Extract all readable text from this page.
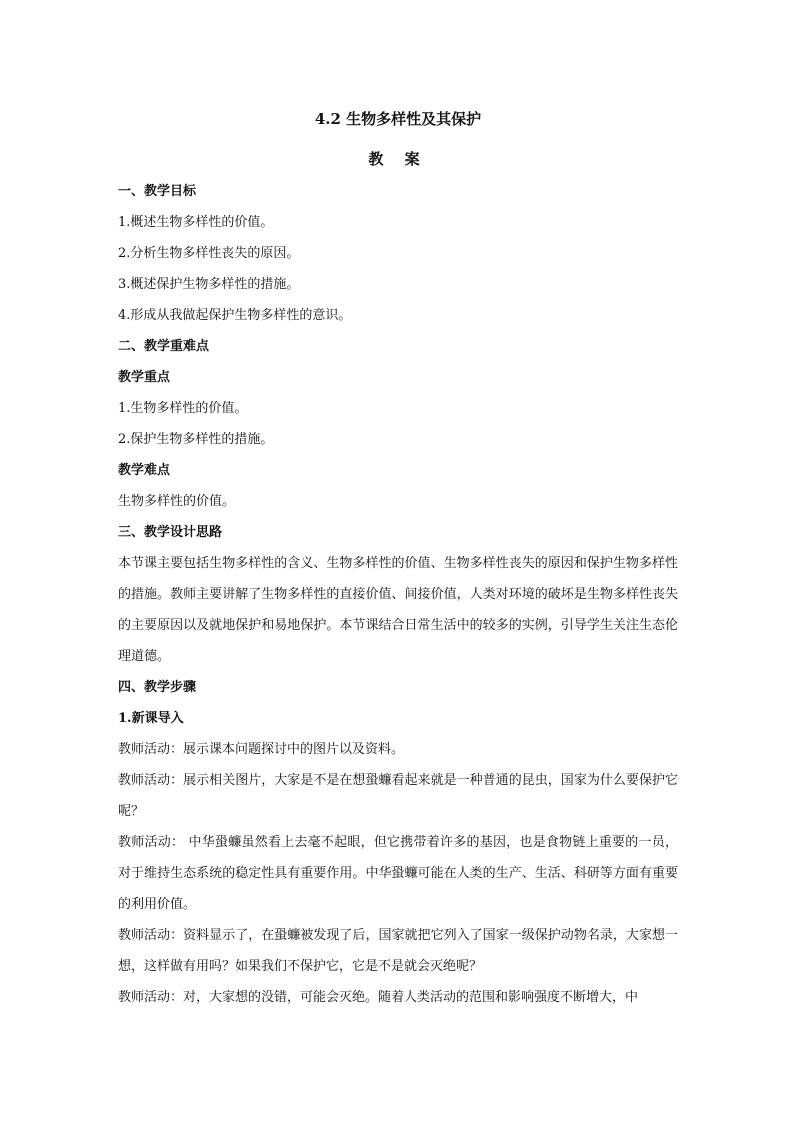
4.2 生物多样性及其保护
教 案
一、教学目标
1.概述生物多样性的价值。
2.分析生物多样性丧失的原因。
3.概述保护生物多样性的措施。
4.形成从我做起保护生物多样性的意识。
二、教学重难点
教学重点
1.生物多样性的价值。
2.保护生物多样性的措施。
教学难点
生物多样性的价值。
三、教学设计思路
本节课主要包括生物多样性的含义、生物多样性的价值、生物多样性丧失的原因和保护生物多样性的措施。教师主要讲解了生物多样性的直接价值、间接价值，人类对环境的破坏是生物多样性丧失的主要原因以及就地保护和易地保护。本节课结合日常生活中的较多的实例，引导学生关注生态伦理道德。
四、教学步骤
1.新课导入
教师活动：展示课本问题探讨中的图片以及资料。
教师活动：展示相关图片，大家是不是在想蛩蠊看起来就是一种普通的昆虫，国家为什么要保护它呢？
教师活动： 中华蛩蠊虽然看上去毫不起眼，但它携带着许多的基因，也是食物链上重要的一员，对于维持生态系统的稳定性具有重要作用。中华蛩蠊可能在人类的生产、生活、科研等方面有重要的利用价值。
教师活动：资料显示了，在蛩蠊被发现了后，国家就把它列入了国家一级保护动物名录，大家想一想，这样做有用吗？如果我们不保护它，它是不是就会灭绝呢？
教师活动：对，大家想的没错，可能会灭绝。随着人类活动的范围和影响强度不断增大，中
